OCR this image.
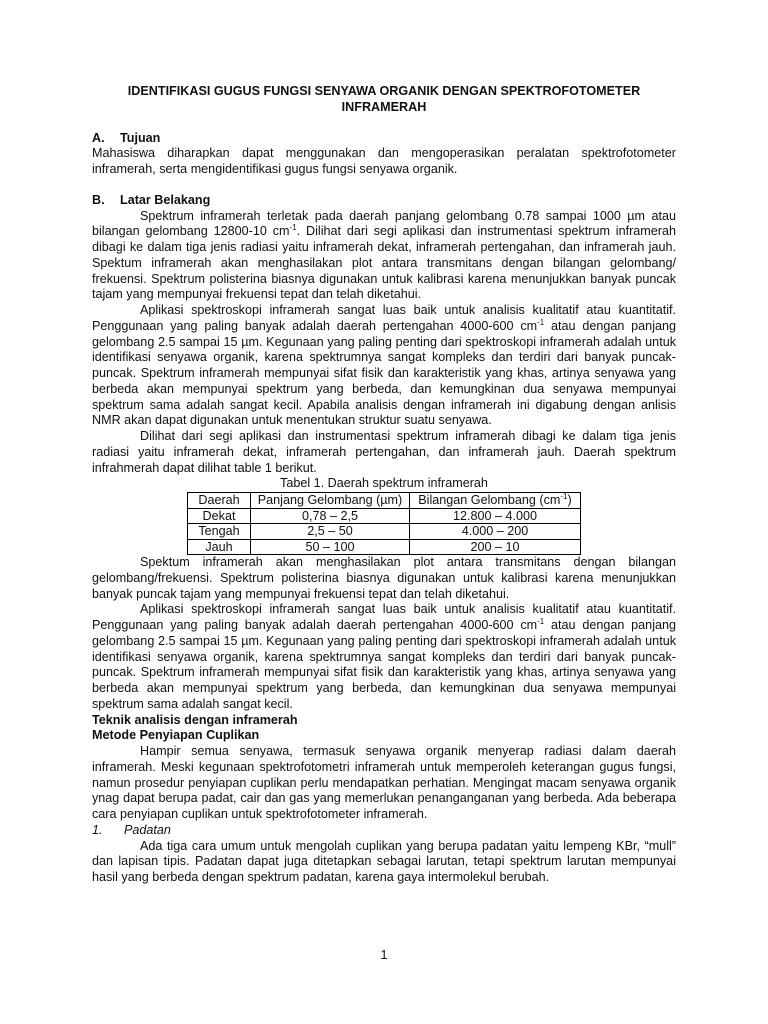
IDENTIFIKASI GUGUS FUNGSI SENYAWA ORGANIK DENGAN SPEKTROFOTOMETER INFRAMERAH

A. Tujuan

Mahasiswa diharapkan dapat menggunakan dan mengoperasikan peralatan spektrofotometer inframerah, serta mengidentifikasi gugus fungsi senyawa organik.

B. Latar Belakang

Spektrum inframerah terletak pada daerah panjang gelombang 0.78 sampai 1000 µm atau bilangan gelombang 12800-10 $cm^{-1}$. Dilihat dari segi aplikasi dan instrumentasi spektrum inframerah dibagi ke dalam tiga jenis radiasi yaitu inframerah dekat, inframerah pertengahan, dan inframerah jauh. Spektum inframerah akan menghasilakan plot antara transmitans dengan bilangan gelombang/ frekuensi. Spektrum polisterina biasnya digunakan untuk kalibrasi karena menunjukkan banyak puncak tajam yang mempunyai frekuensi tepat dan telah diketahui.

Aplikasi spektroskopi inframerah sangat luas baik untuk analisis kualitatif atau kuantitatif. Penggunaan yang paling banyak adalah daerah pertengahan 4000-600 $cm^{-1}$ atau dengan panjang gelombang 2.5 sampai 15 µm. Kegunaan yang paling penting dari spektroskopi inframerah adalah untuk identifikasi senyawa organik, karena spektrumnya sangat kompleks dan terdiri dari banyak puncak-puncak. Spektrum inframerah mempunyai sifat fisik dan karakteristik yang khas, artinya senyawa yang berbeda akan mempunyai spektrum yang berbeda, dan kemungkinan dua senyawa mempunyai spektrum sama adalah sangat kecil. Apabila analisis dengan inframerah ini digabung dengan anlisis NMR akan dapat digunakan untuk menentukan struktur suatu senyawa.

Dilihat dari segi aplikasi dan instrumentasi spektrum inframerah dibagi ke dalam tiga jenis radiasi yaitu inframerah dekat, inframerah pertengahan, dan inframerah jauh. Daerah spektrum infrahmerah dapat dilihat table 1 berikut.

Tabel 1. Daerah spektrum inframerah

Daerah	Panjang Gelombang (µm)	Bilangan Gelombang $(cm^{-1})$
Dekat	0,78 – 2,5	12.800 – 4.000
Tengah	2,5 – 50	4.000 – 200
Jauh	50 – 100	200 – 10

Spektum inframerah akan menghasilakan plot antara transmitans dengan bilangan gelombang/frekuensi. Spektrum polisterina biasnya digunakan untuk kalibrasi karena menunjukkan banyak puncak tajam yang mempunyai frekuensi tepat dan telah diketahui.

Aplikasi spektroskopi inframerah sangat luas baik untuk analisis kualitatif atau kuantitatif. Penggunaan yang paling banyak adalah daerah pertengahan 4000-600 $cm^{-1}$ atau dengan panjang gelombang 2.5 sampai 15 µm. Kegunaan yang paling penting dari spektroskopi inframerah adalah untuk identifikasi senyawa organik, karena spektrumnya sangat kompleks dan terdiri dari banyak puncak-puncak. Spektrum inframerah mempunyai sifat fisik dan karakteristik yang khas, artinya senyawa yang berbeda akan mempunyai spektrum yang berbeda, dan kemungkinan dua senyawa mempunyai spektrum sama adalah sangat kecil.

Teknik analisis dengan inframerah

Metode Penyiapan Cuplikan

Hampir semua senyawa, termasuk senyawa organik menyerap radiasi dalam daerah inframerah. Meski kegunaan spektrofotometri inframerah untuk memperoleh keterangan gugus fungsi, namun prosedur penyiapan cuplikan perlu mendapatkan perhatian. Mengingat macam senyawa organik ynag dapat berupa padat, cair dan gas yang memerlukan penanganganan yang berbeda. Ada beberapa cara penyiapan cuplikan untuk spektrofotometer inframerah.

1. Padatan

Ada tiga cara umum untuk mengolah cuplikan yang berupa padatan yaitu lempeng KBr, “mull” dan lapisan tipis. Padatan dapat juga ditetapkan sebagai larutan, tetapi spektrum larutan mempunyai hasil yang berbeda dengan spektrum padatan, karena gaya intermolekul berubah.

1
